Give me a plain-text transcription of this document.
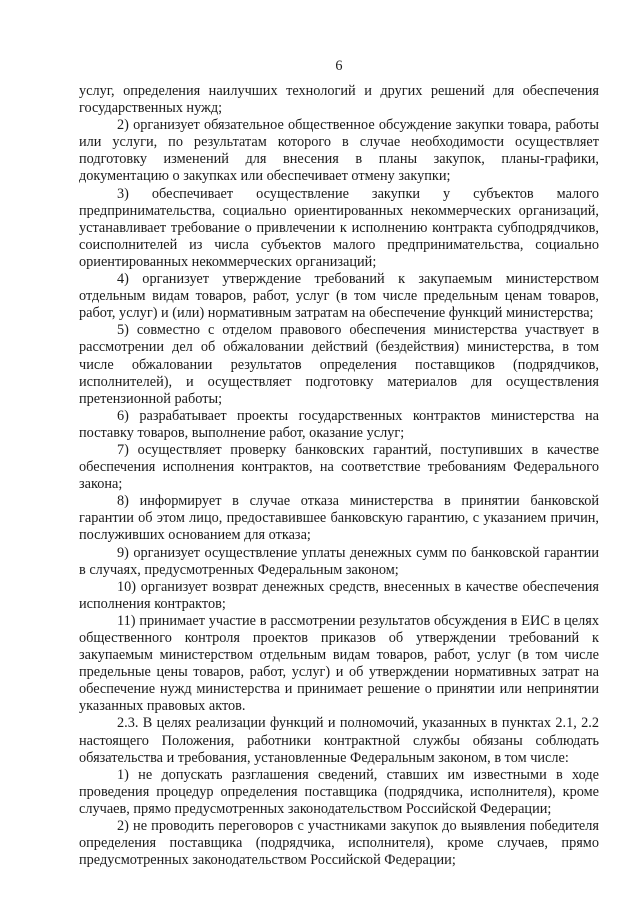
6

услуг, определения наилучших технологий и других решений для обеспечения государственных нужд;

2) организует обязательное общественное обсуждение закупки товара, работы или услуги, по результатам которого в случае необходимости осуществляет подготовку изменений для внесения в планы закупок, планы-графики, документацию о закупках или обеспечивает отмену закупки;

3) обеспечивает осуществление закупки у субъектов малого предпринимательства, социально ориентированных некоммерческих организаций, устанавливает требование о привлечении к исполнению контракта субподрядчиков, соисполнителей из числа субъектов малого предпринимательства, социально ориентированных некоммерческих организаций;

4) организует утверждение требований к закупаемым министерством отдельным видам товаров, работ, услуг (в том числе предельным ценам товаров, работ, услуг) и (или) нормативным затратам на обеспечение функций министерства;

5) совместно с отделом правового обеспечения министерства участвует в рассмотрении дел об обжаловании действий (бездействия) министерства, в том числе обжаловании результатов определения поставщиков (подрядчиков, исполнителей), и осуществляет подготовку материалов для осуществления претензионной работы;

6) разрабатывает проекты государственных контрактов министерства на поставку товаров, выполнение работ, оказание услуг;

7) осуществляет проверку банковских гарантий, поступивших в качестве обеспечения исполнения контрактов, на соответствие требованиям Федерального закона;

8) информирует в случае отказа министерства в принятии банковской гарантии об этом лицо, предоставившее банковскую гарантию, с указанием причин, послуживших основанием для отказа;

9) организует осуществление уплаты денежных сумм по банковской гарантии в случаях, предусмотренных Федеральным законом;

10) организует возврат денежных средств, внесенных в качестве обеспечения исполнения контрактов;

11) принимает участие в рассмотрении результатов обсуждения в ЕИС в целях общественного контроля проектов приказов об утверждении требований к закупаемым министерством отдельным видам товаров, работ, услуг (в том числе предельные цены товаров, работ, услуг) и об утверждении нормативных затрат на обеспечение нужд министерства и принимает решение о принятии или непринятии указанных правовых актов.

2.3. В целях реализации функций и полномочий, указанных в пунктах 2.1, 2.2 настоящего Положения, работники контрактной службы обязаны соблюдать обязательства и требования, установленные Федеральным законом, в том числе:

1) не допускать разглашения сведений, ставших им известными в ходе проведения процедур определения поставщика (подрядчика, исполнителя), кроме случаев, прямо предусмотренных законодательством Российской Федерации;

2) не проводить переговоров с участниками закупок до выявления победителя определения поставщика (подрядчика, исполнителя), кроме случаев, прямо предусмотренных законодательством Российской Федерации;
